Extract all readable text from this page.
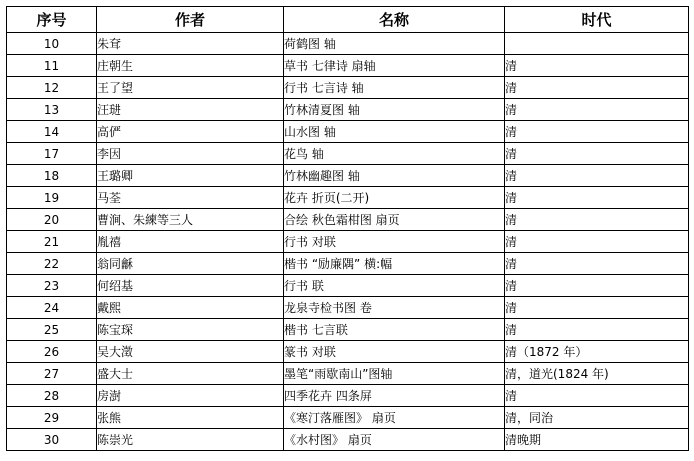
序号	作者	名称	时代
10	朱耷	荷鹤图 轴	
11	庄朝生	草书 七律诗 扇轴	清
12	王了望	行书 七言诗 轴	清
13	汪琎	竹林清夏图 轴	清
14	高俨	山水图 轴	清
17	李因	花鸟 轴	清
18	王璐卿	竹林幽趣图 轴	清
19	马荃	花卉 折页(二开)	清
20	曹涧、朱練等三人	合绘 秋色霜柑图 扇页	清
21	胤禧	行书 对联	清
22	翁同龢	楷书 “励廉隅” 横:幅	清
23	何绍基	行书 联	清
24	戴熙	龙泉寺检书图 卷	清
25	陈宝琛	楷书 七言联	清
26	吴大澂	篆书 对联	清（1872 年）
27	盛大士	墨笔“雨歇南山”图轴	清，道光(1824 年)
28	房澍	四季花卉 四条屏	清
29	张熊	《寒汀落雁图》 扇页	清，同治
30	陈崇光	《水村图》 扇页	清晚期
